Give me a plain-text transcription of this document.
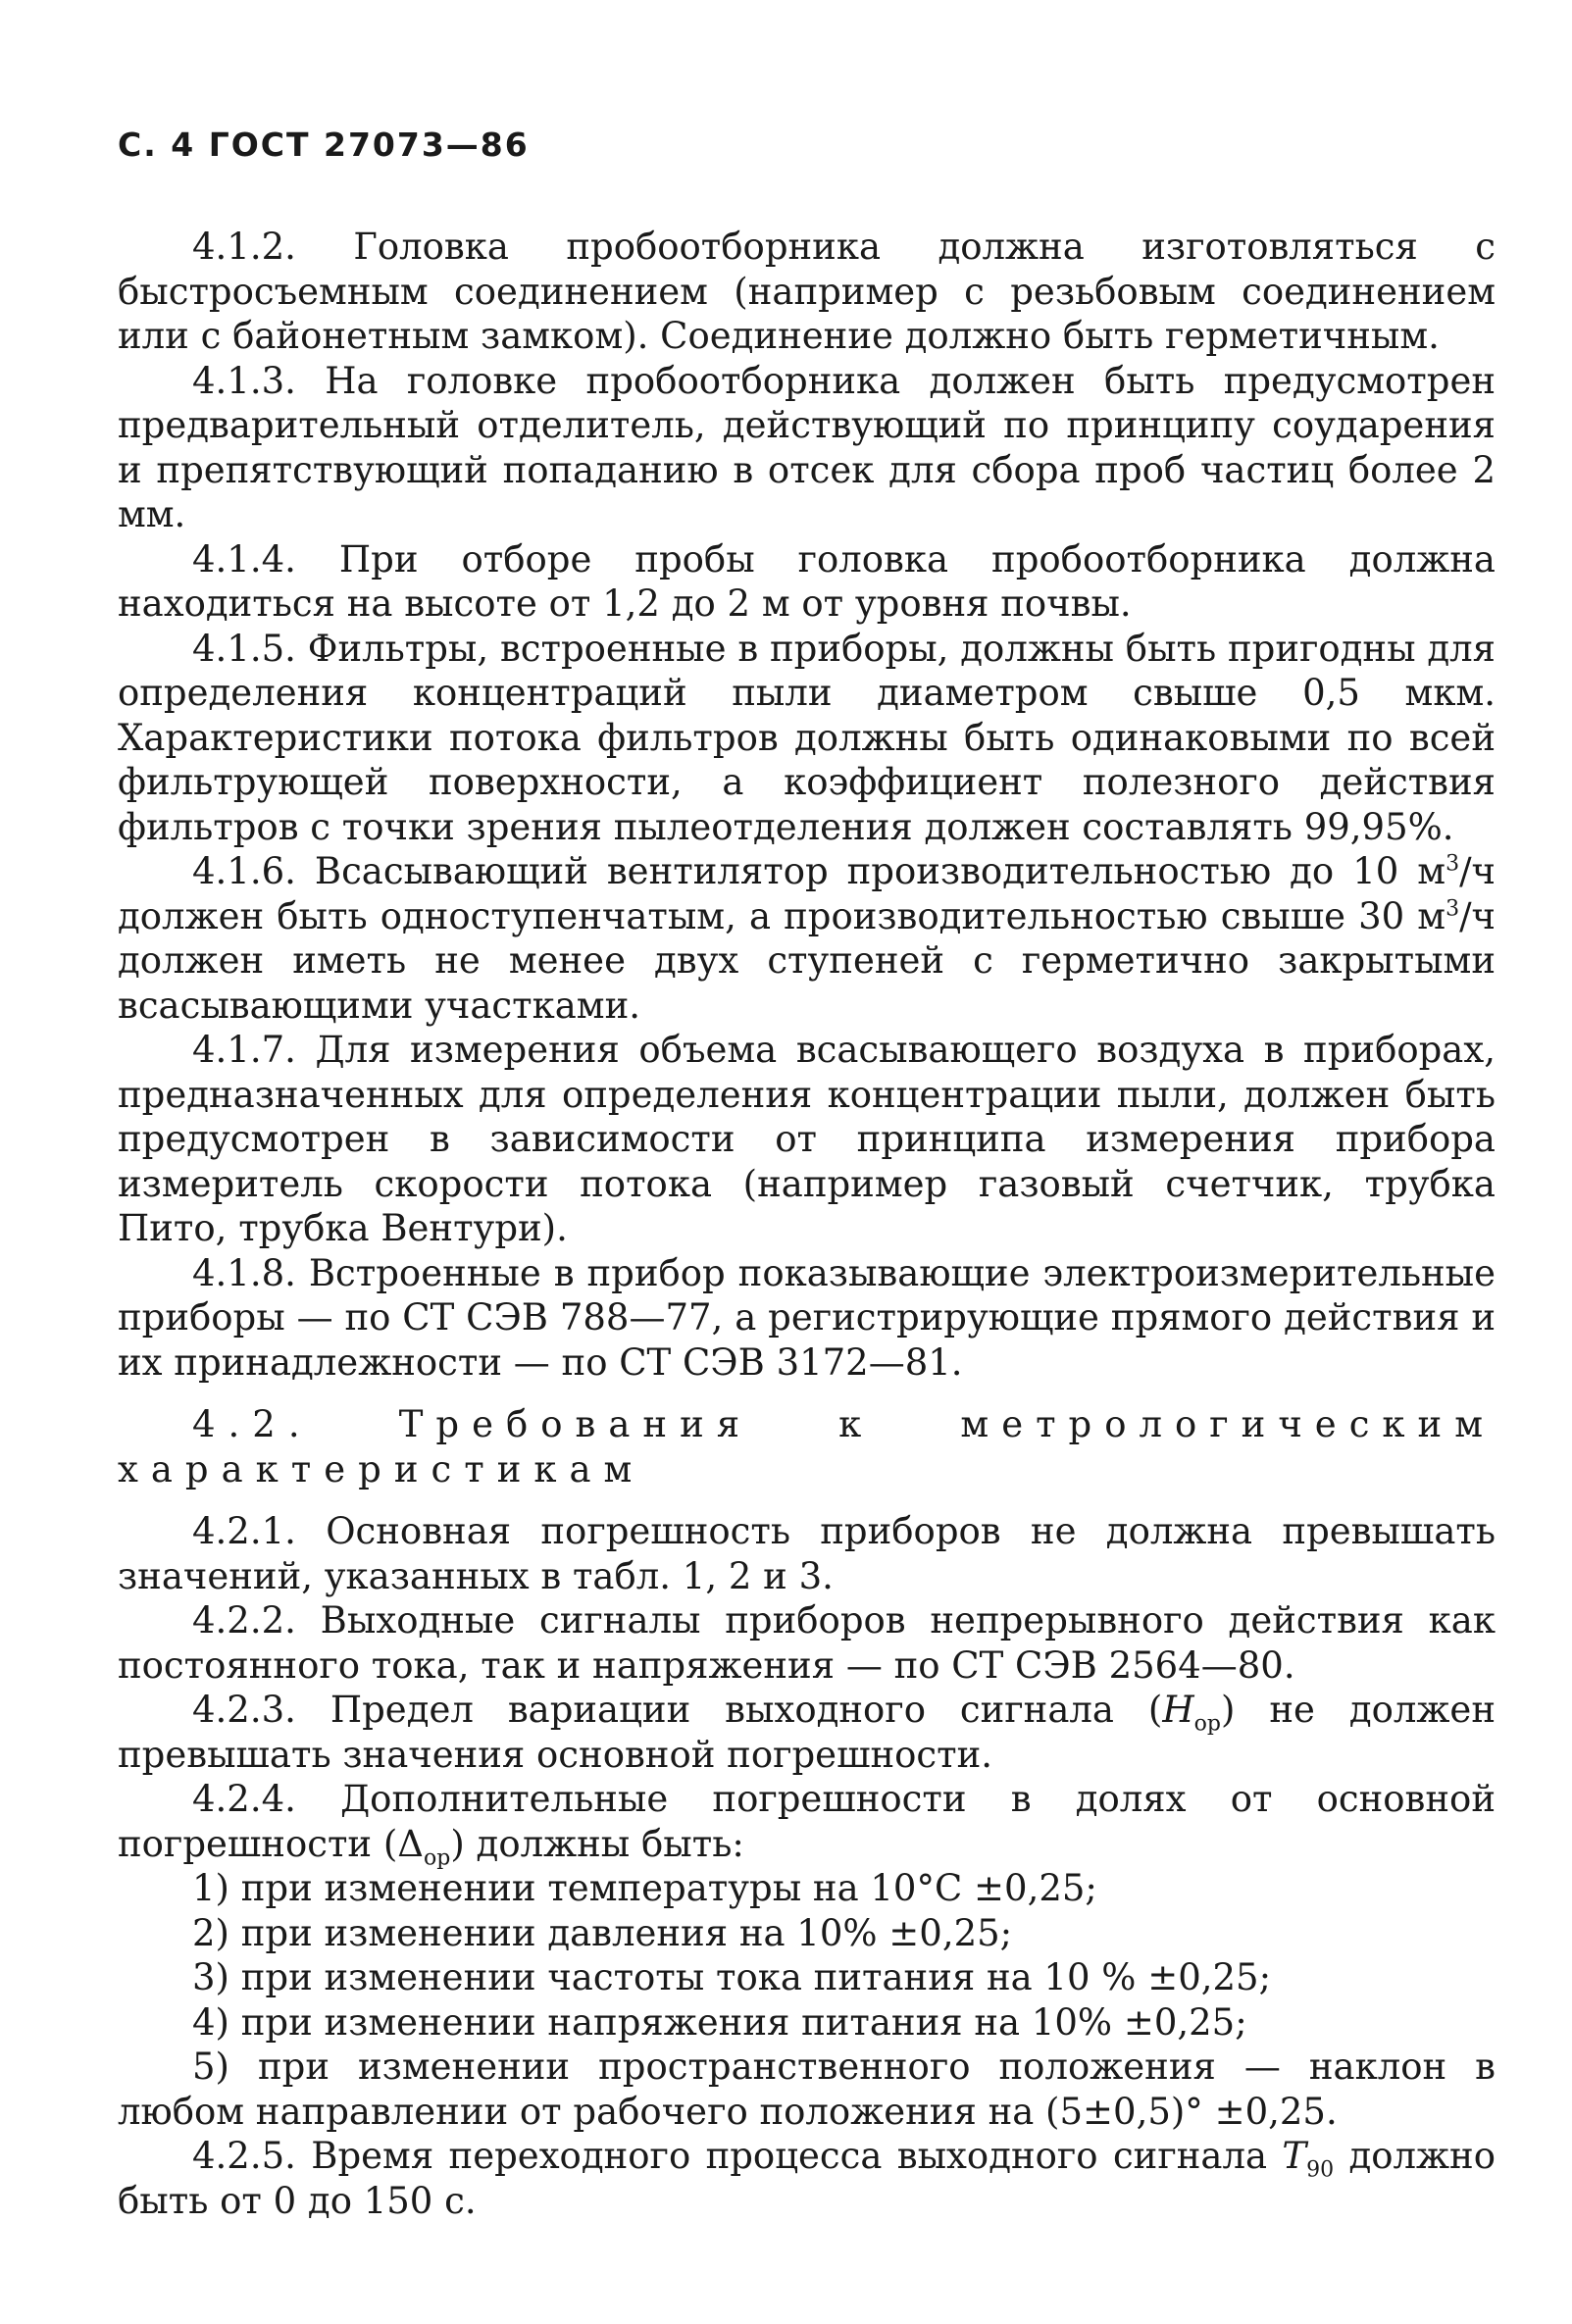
С. 4 ГОСТ 27073—86

4.1.2. Головка пробоотборника должна изготовляться с быстросъемным соединением (например с резьбовым соединением или с байонетным замком). Соединение должно быть герметичным.

4.1.3. На головке пробоотборника должен быть предусмотрен предварительный отделитель, действующий по принципу соударения и препятствующий попаданию в отсек для сбора проб частиц более 2 мм.

4.1.4. При отборе пробы головка пробоотборника должна находиться на высоте от 1,2 до 2 м от уровня почвы.

4.1.5. Фильтры, встроенные в приборы, должны быть пригодны для определения концентраций пыли диаметром свыше 0,5 мкм. Характеристики потока фильтров должны быть одинаковыми по всей фильтрующей поверхности, а коэффициент полезного действия фильтров с точки зрения пылеотделения должен составлять 99,95%.

4.1.6. Всасывающий вентилятор производительностью до 10 $м^3/ч$ должен быть одноступенчатым, а производительностью свыше 30 $м^3/ч$ должен иметь не менее двух ступеней с герметично закрытыми всасывающими участками.

4.1.7. Для измерения объема всасывающего воздуха в приборах, предназначенных для определения концентрации пыли, должен быть предусмотрен в зависимости от принципа измерения прибора измеритель скорости потока (например газовый счетчик, трубка Пито, трубка Вентури).

4.1.8. Встроенные в прибор показывающие электроизмерительные приборы — по СТ СЭВ 788—77, а регистрирующие прямого действия и их принадлежности — по СТ СЭВ 3172—81.

4.2. Требования к метрологическим характеристикам

4.2.1. Основная погрешность приборов не должна превышать значений, указанных в табл. 1, 2 и 3.

4.2.2. Выходные сигналы приборов непрерывного действия как постоянного тока, так и напряжения — по СТ СЭВ 2564—80.

4.2.3. Предел вариации выходного сигнала $(H_{ор})$ не должен превышать значения основной погрешности.

4.2.4. Дополнительные погрешности в долях от основной погрешности $(\Delta_{ор})$ должны быть:

1) при изменении температуры на 10°С ±0,25;

2) при изменении давления на 10% ±0,25;

3) при изменении частоты тока питания на 10 % ±0,25;

4) при изменении напряжения питания на 10% ±0,25;

5) при изменении пространственного положения — наклон в любом направлении от рабочего положения на (5±0,5)° ±0,25.

4.2.5. Время переходного процесса выходного сигнала $T_{90}$ должно быть от 0 до 150 с.
